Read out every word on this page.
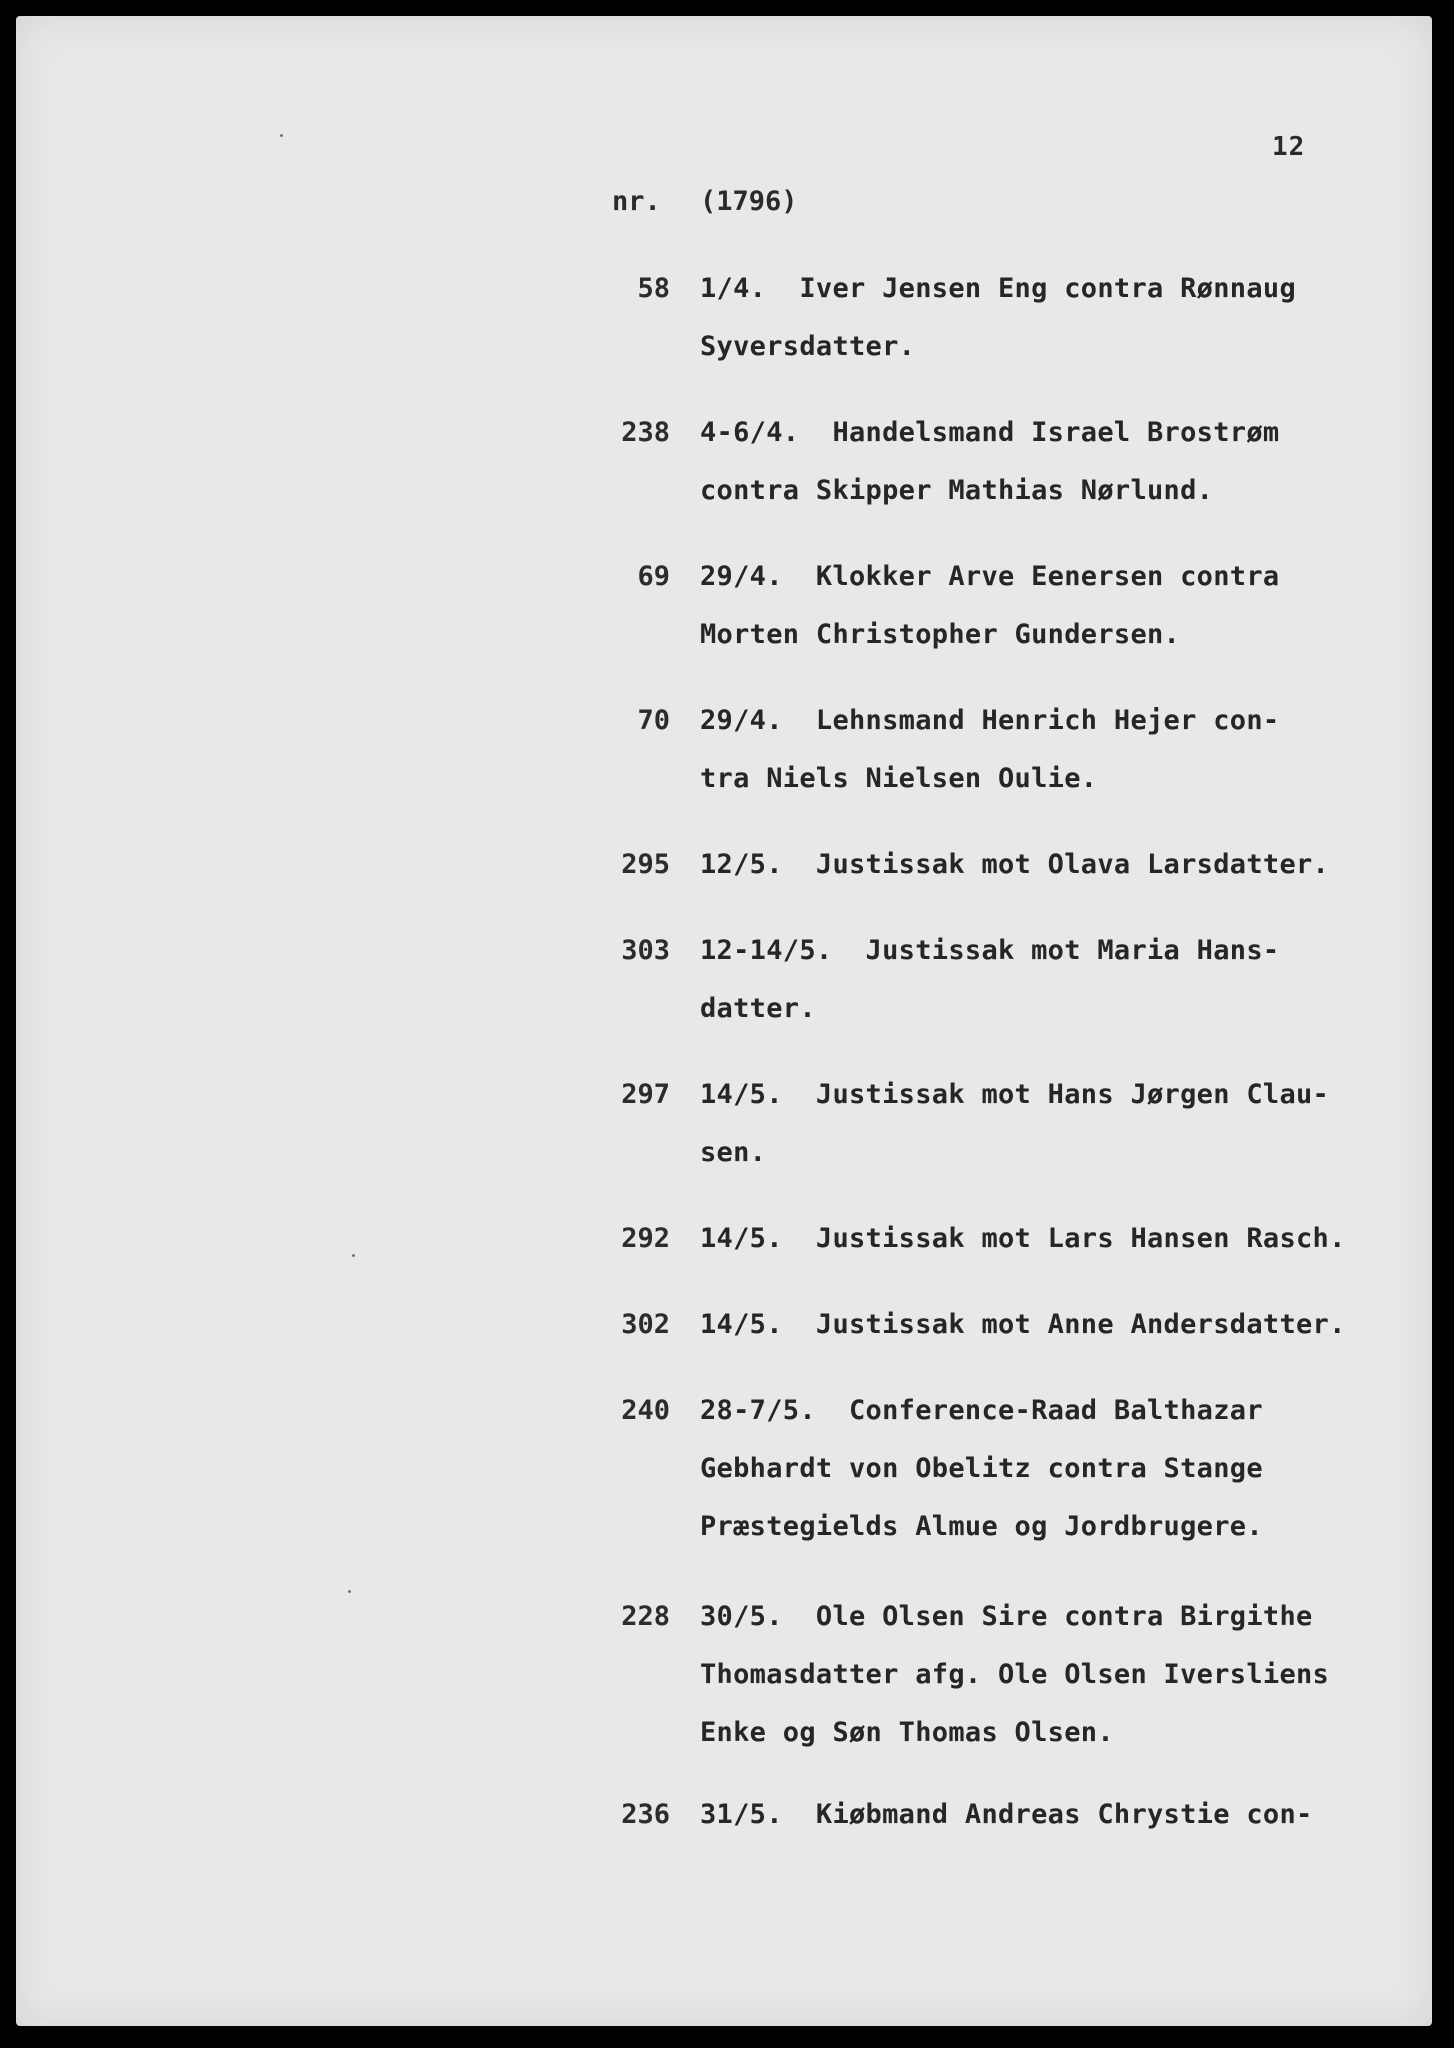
12
nr. (1796)
58 1/4.  Iver Jensen Eng contra Rønnaug
Syversdatter.
238 4-6/4.  Handelsmand Israel Brostrøm
contra Skipper Mathias Nørlund.
69 29/4.  Klokker Arve Eenersen contra
Morten Christopher Gundersen.
70 29/4.  Lehnsmand Henrich Hejer con-
tra Niels Nielsen Oulie.
295 12/5.  Justissak mot Olava Larsdatter.
303 12-14/5.  Justissak mot Maria Hans-
datter.
297 14/5.  Justissak mot Hans Jørgen Clau-
sen.
292 14/5.  Justissak mot Lars Hansen Rasch.
302 14/5.  Justissak mot Anne Andersdatter.
240 28-7/5.  Conference-Raad Balthazar
Gebhardt von Obelitz contra Stange
Præstegields Almue og Jordbrugere.
228 30/5.  Ole Olsen Sire contra Birgithe
Thomasdatter afg. Ole Olsen Iversliens
Enke og Søn Thomas Olsen.
236 31/5.  Kiøbmand Andreas Chrystie con-
